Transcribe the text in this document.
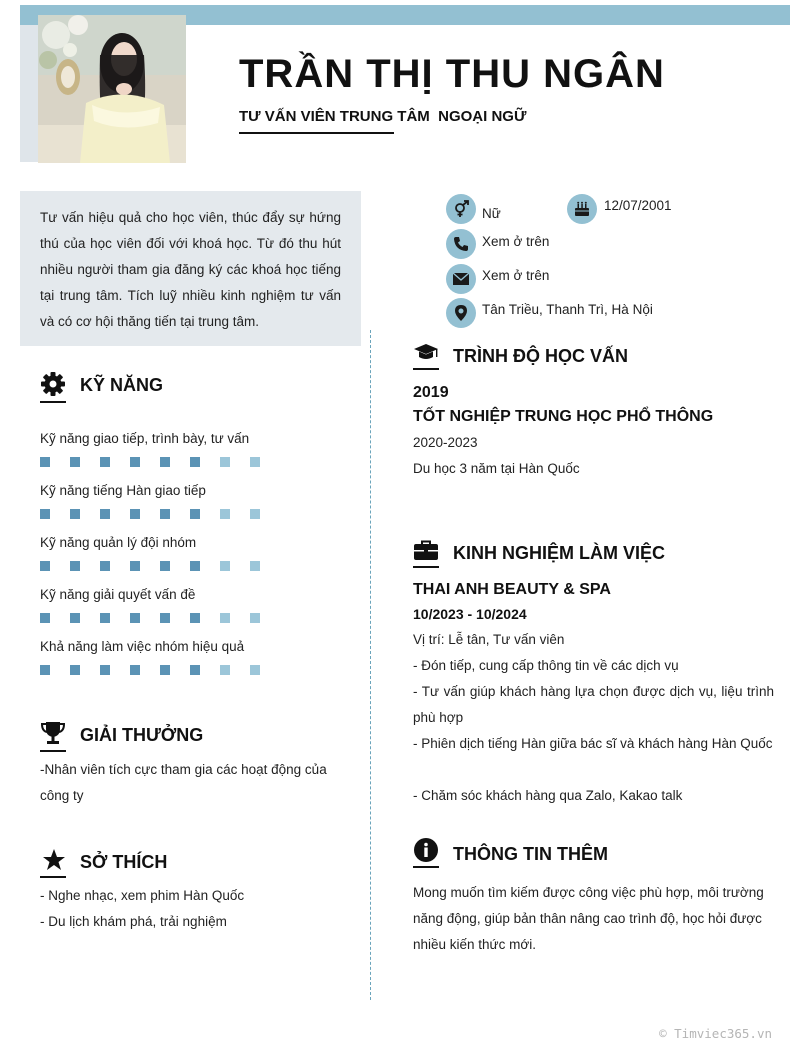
TRẦN THỊ THU NGÂN
TƯ VẤN VIÊN TRUNG TÂM  NGOẠI NGỮ
Tư vấn hiệu quả cho học viên, thúc đẩy sự hứng thú của học viên đối với khoá học. Từ đó thu hút nhiều người tham gia đăng ký các khoá học tiếng tại trung tâm. Tích luỹ nhiều kinh nghiệm tư vấn và có cơ hội thăng tiến tại trung tâm.
Nữ
12/07/2001
Xem ở trên
Xem ở trên
Tân Triều, Thanh Trì, Hà Nội
KỸ NĂNG
Kỹ năng giao tiếp, trình bày, tư vấn
Kỹ năng tiếng Hàn giao tiếp
Kỹ năng quản lý đội nhóm
Kỹ năng giải quyết vấn đề
Khả năng làm việc nhóm hiệu quả
GIẢI THƯỞNG
-Nhân viên tích cực tham gia các hoạt động của công ty
SỞ THÍCH
- Nghe nhạc, xem phim Hàn Quốc
- Du lịch khám phá, trải nghiệm
TRÌNH ĐỘ HỌC VẤN
2019
TỐT NGHIỆP TRUNG HỌC PHỔ THÔNG
2020-2023
Du học 3 năm tại Hàn Quốc
KINH NGHIỆM LÀM VIỆC
THAI ANH BEAUTY & SPA
10/2023 - 10/2024
Vị trí: Lễ tân, Tư vấn viên
- Đón tiếp, cung cấp thông tin về các dịch vụ
- Tư vấn giúp khách hàng lựa chọn được dịch vụ, liệu trình phù hợp
- Phiên dịch tiếng Hàn giữa bác sĩ và khách hàng Hàn Quốc
- Chăm sóc khách hàng qua Zalo, Kakao talk
THÔNG TIN THÊM
Mong muốn tìm kiếm được công việc phù hợp, môi trường năng động, giúp bản thân nâng cao trình độ, học hỏi được nhiều kiến thức mới.
© Timviec365.vn
